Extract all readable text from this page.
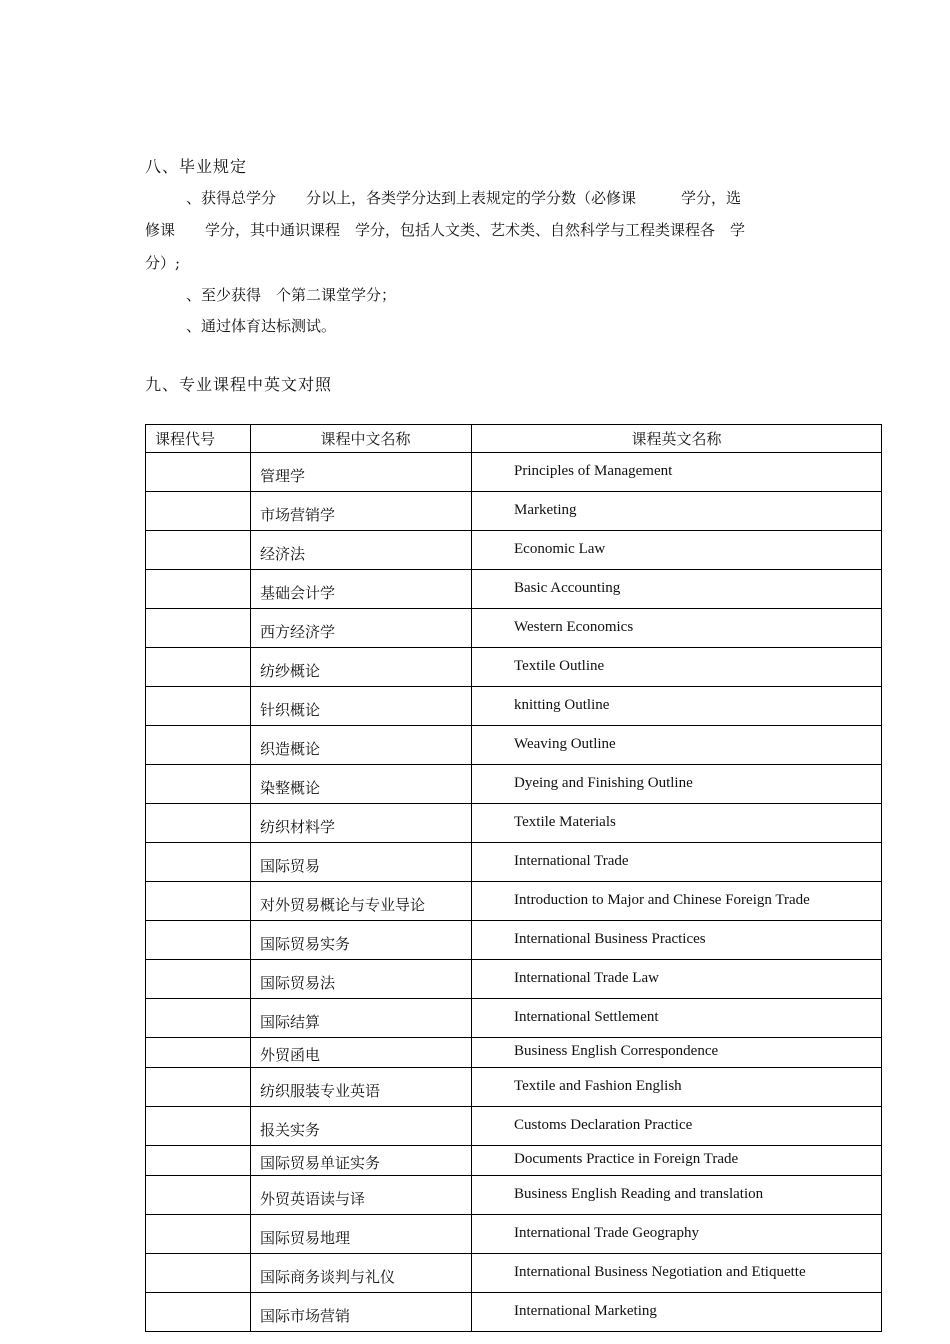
八、毕业规定
、获得总学分　　分以上，各类学分达到上表规定的学分数（必修课　　　学分，选
修课　　学分，其中通识课程　学分，包括人文类、艺术类、自然科学与工程类课程各　学
分）;
、至少获得　个第二课堂学分；
、通过体育达标测试。
九、专业课程中英文对照
课程代号	课程中文名称	课程英文名称
	管理学	Principles of Management
	市场营销学	Marketing
	经济法	Economic Law
	基础会计学	Basic Accounting
	西方经济学	Western Economics
	纺纱概论	Textile Outline
	针织概论	knitting Outline
	织造概论	Weaving Outline
	染整概论	Dyeing and Finishing Outline
	纺织材料学	Textile Materials
	国际贸易	International Trade
	对外贸易概论与专业导论	Introduction to Major and Chinese Foreign Trade
	国际贸易实务	International Business Practices
	国际贸易法	International Trade Law
	国际结算	International Settlement
	外贸函电	Business English Correspondence
	纺织服装专业英语	Textile and Fashion English
	报关实务	Customs Declaration Practice
	国际贸易单证实务	Documents Practice in Foreign Trade
	外贸英语读与译	Business English Reading and translation
	国际贸易地理	International Trade Geography
	国际商务谈判与礼仪	International Business Negotiation and Etiquette
	国际市场营销	International Marketing
